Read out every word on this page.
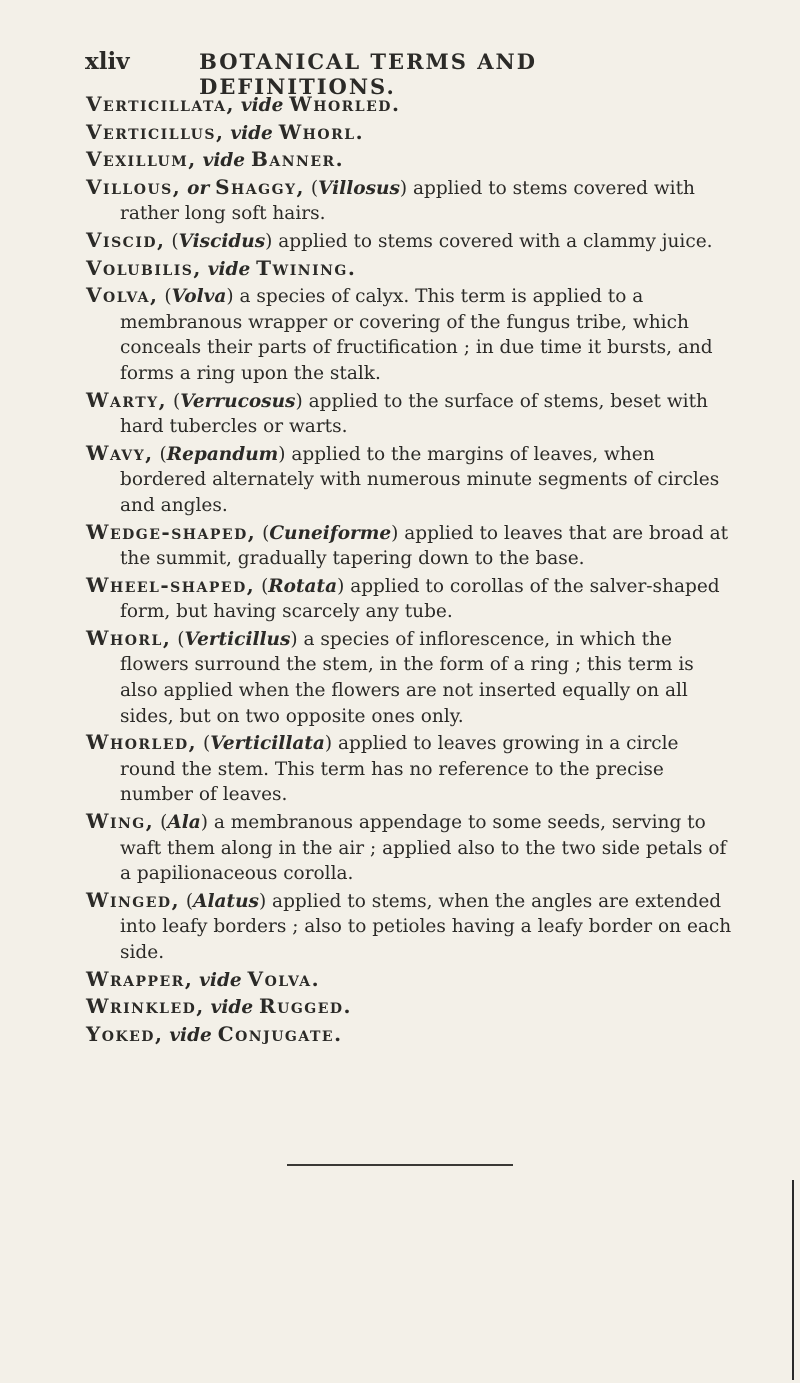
xliv	BOTANICAL TERMS AND DEFINITIONS.

Verticillata, vide Whorled.

Verticillus, vide Whorl.

Vexillum, vide Banner.

Villous, or Shaggy, (Villosus) applied to stems covered with rather long soft hairs.

Viscid, (Viscidus) applied to stems covered with a clammy juice.

Volubilis, vide Twining.

Volva, (Volva) a species of calyx. This term is applied to a membranous wrapper or covering of the fungus tribe, which conceals their parts of fructification ; in due time it bursts, and forms a ring upon the stalk.

Warty, (Verrucosus) applied to the surface of stems, beset with hard tubercles or warts.

Wavy, (Repandum) applied to the margins of leaves, when bordered alternately with numerous minute segments of circles and angles.

Wedge-shaped, (Cuneiforme) applied to leaves that are broad at the summit, gradually tapering down to the base.

Wheel-shaped, (Rotata) applied to corollas of the salver-shaped form, but having scarcely any tube.

Whorl, (Verticillus) a species of inflorescence, in which the flowers surround the stem, in the form of a ring ; this term is also applied when the flowers are not inserted equally on all sides, but on two opposite ones only.

Whorled, (Verticillata) applied to leaves growing in a circle round the stem. This term has no reference to the precise number of leaves.

Wing, (Ala) a membranous appendage to some seeds, serving to waft them along in the air ; applied also to the two side petals of a papilionaceous corolla.

Winged, (Alatus) applied to stems, when the angles are extended into leafy borders ; also to petioles having a leafy border on each side.

Wrapper, vide Volva.

Wrinkled, vide Rugged.

Yoked, vide Conjugate.
